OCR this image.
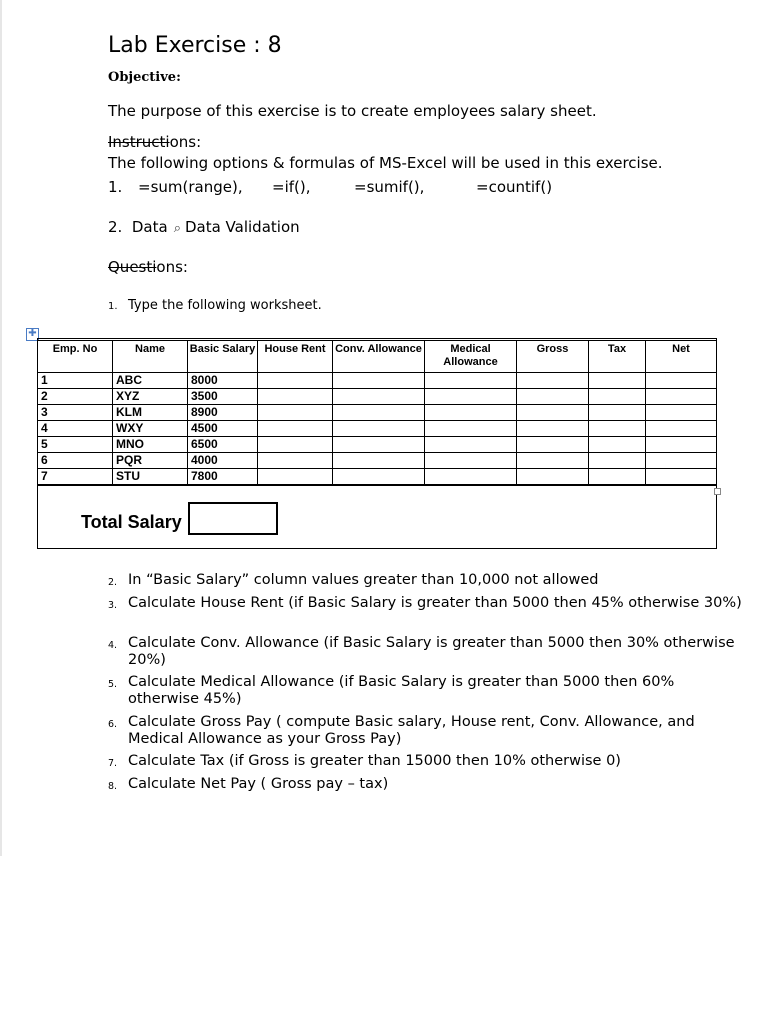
Lab Exercise : 8
Objective:
The purpose of this exercise is to create employees salary sheet.
Instructions:
The following options & formulas of MS-Excel will be used in this exercise.
1. =sum(range), =if(),	=sumif(),	=countif()
2. Data ⌕ Data Validation
Questions:
1. Type the following worksheet.
✚
Emp. No	Name	Basic Salary	House Rent	Conv. Allowance	Medical Allowance	Gross	Tax	Net
1	ABC	8000						
2	XYZ	3500						
3	KLM	8900						
4	WXY	4500						
5	MNO	6500						
6	PQR	4000						
7	STU	7800						
Total Salary
2. In “Basic Salary” column values greater than 10,000 not allowed
3. Calculate House Rent (if Basic Salary is greater than 5000 then 45% otherwise 30%)
4. Calculate Conv. Allowance (if Basic Salary is greater than 5000 then 30% otherwise 20%)
5. Calculate Medical Allowance (if Basic Salary is greater than 5000 then 60% otherwise 45%)
6. Calculate Gross Pay ( compute Basic salary, House rent, Conv. Allowance, and Medical Allowance as your Gross Pay)
7. Calculate Tax (if Gross is greater than 15000 then 10% otherwise 0)
8. Calculate Net Pay ( Gross pay – tax)
